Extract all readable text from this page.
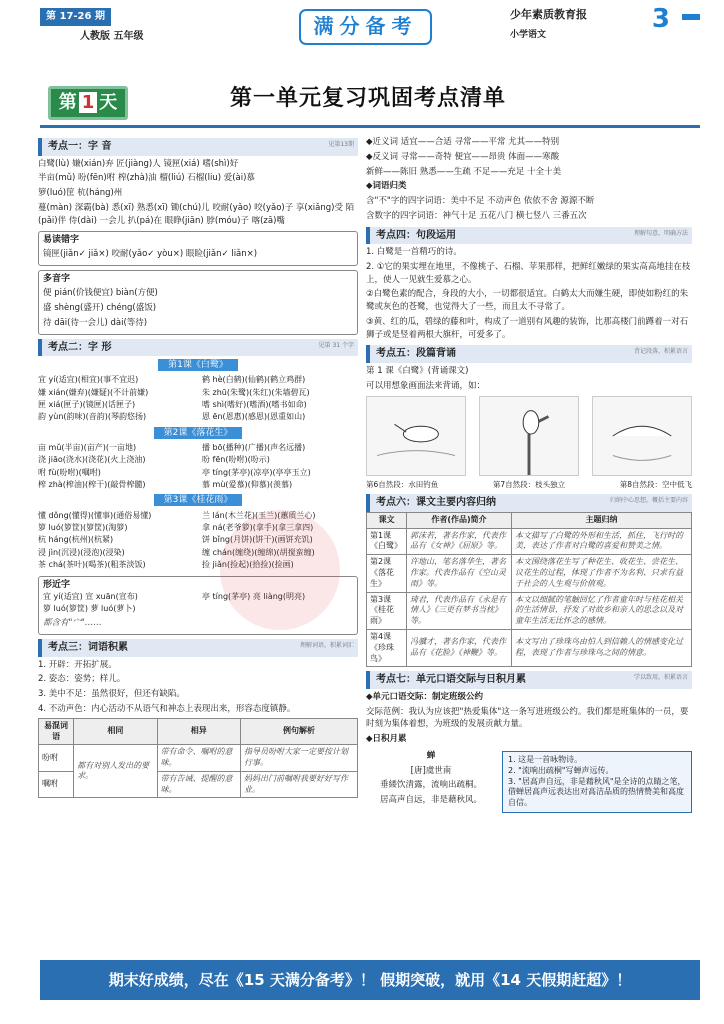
第 17-26 期
人教版 五年级	满分备考	少年素质教育报
小学语文
3
第 1 天	第一单元复习巩固考点清单
考点一：字 音	见第13期
白鹭(lù) 嫌(xián)弃 匠(jiàng)人 镜匣(xiá) 嗜(shì)好
半亩(mǔ) 吩(fēn)咐 榨(zhà)油 榴(liú) 石榴(liu) 爱(ài)慕
箩(luó)筐 杭(háng)州
蔓(màn) 深霸(bà) 悉(xī) 熟悉(xī) 锄(chú)儿 咬耐(yǎo) 咬(yǎo)子 享(xiǎng)受 陌(pǎi)伴 侍(dài) 一会儿 扒(pá)在 眼睁(jiān) 脖(móu)子 喀(zā)嘴
易读错字
镜匣(jiǎn✓ jiǎ×) 咬耐(yǎo✓ yòu×) 眼睑(jiǎn✓ liǎn×)
多音字
便 pián(价钱便宜) biàn(方便)
盛 shèng(盛开) chéng(盛饭)
待 dāi(待一会儿) dài(等待)
考点二：字 形	见第 31 个字
第1课《白鹭》
宜 yí(适宜)(相宜)(事不宜迟)	鹤 hè(白鹤)(仙鹤)(鹤立鸡群)
嫌 xián(嫌弃)(嫌疑)(不计前嫌)	朱 zhū(朱鹭)(朱红)(朱墙碧瓦)
匣 xiá(匣子)(镜匣)(话匣子)	嗜 shì(嗜好)(嗜酒)(嗜书如命)
韵 yùn(韵味)(音韵)(琴韵悠扬)	恩 ēn(恩惠)(感恩)(恩重如山)
第2课《落花生》
亩 mǔ(半亩)(亩产)(一亩地)	播 bō(播种)(广播)(声名远播)
浇 jiāo(浇水)(浇花)(火上浇油)	吩 fēn(吩咐)(吩示)
咐 fù(吩咐)(嘱咐)	亭 tíng(茅亭)(凉亭)(亭亭玉立)
榨 zhà(榨油)(榨干)(敲骨榨髓)	慕 mù(爱慕)(仰慕)(羡慕)
第3课《桂花雨》
懂 dǒng(懂得)(懂事)(通俗易懂)	兰 lán(木兰花)(玉兰)(蕙质兰心)
箩 luó(箩筐)(箩筐)(淘箩)	拿 ná(老爷箩)(拿手)(拿三拿四)
杭 háng(杭州)(杭紧)	饼 bǐng(月饼)(饼干)(画饼充饥)
浸 jìn(沉浸)(浸泡)(浸染)	缠 chán(缠绕)(缠绵)(胡搅蛮缠)
茶 chá(茶叶)(喝茶)(粗茶淡饭)	捡 jiǎn(捡起)(拾捡)(捡画)
形近字
宜 yí(适宜) 宣 xuān(宣布)	亭 tíng(茅亭) 亮 liàng(明亮)
箩 luó(箩筐) 萝 luó(萝卜)
都含有"宀"……
考点三：词语积累	理解词语，积累词汇
1. 开辟：开拓扩展。
2. 姿态：姿势；样儿。
3. 美中不足：虽然很好，但还有缺陷。
4. 不动声色：内心活动不从语气和神态上表现出来，形容态度镇静。
易混词语	相同	相异	例句解析
吩咐	都有对别人发出的要求。	带有命令、嘱咐的意味。	指导员吩咐大家一定要按计划行事。
嘱咐		带有告诫、提醒的意味。	妈妈出门前嘱咐我要好好写作业。
◆近义词 适宜——合适 寻常——平常 尤其——特别
◆反义词 寻常——奇特 便宜——昂贵 体面——寒酸
新鲜——陈旧 熟悉——生疏 不足——充足 十全十美
◆词语归类
含"不"字的四字词语：美中不足 不动声色 依依不舍 源源不断
含数字的四字词语：神气十足 五花八门 横七竖八 三番五次
考点四：句段运用	理解句意，明确方法
1. 白鹭是一首精巧的诗。
2. ①它的果实埋在地里，不像桃子、石榴、苹果那样，把鲜红嫩绿的果实高高地挂在枝上，使人一见就生爱慕之心。
②白鹭色素的配合，身段的大小，一切都很适宜。白鹤太大而嫌生硬，即使如粉红的朱鹭或灰色的苍鹭，也觉得大了一些，而且太不寻常了。
③黄、红的瓜，碧绿的藤和叶，构成了一道别有风趣的装饰，比那高楼门前蹲着一对石狮子或是竖着两根大旗杆，可爱多了。
考点五：段篇背诵	背记段落，积累语言
第 1 课《白鹭》(背诵课文)
可以用想象画面法来背诵，如：
第6自然段：水田钓鱼	第7自然段：枝头独立	第8自然段：空中低飞
考点六：课文主要内容归纳	归纳中心思想，概括主要内容
课文	作者(作品)简介	主题归纳
第1课《白鹭》	郭沫若，著名作家，代表作品有《女神》《屈原》等。	本文描写了白鹭的外形和生活，抓住，飞行时的美，表达了作者对白鹭的喜爱和赞美之情。
第2课《落花生》	许地山，笔名落华生，著名作家。代表作品有《空山灵雨》等。	本文围绕落花生写了种花生、收花生、尝花生、议花生的过程，体现了作者不为名利、只求有益于社会的人生观与价值观。
第3课《桂花雨》	琦君，代表作品有《永是有情人》《三更有梦书当枕》等。	本文以细腻的笔触回忆了作者童年时与桂花相关的生活情景，抒发了对故乡和亲人的思念以及对童年生活无比怀念的感情。
第4课《珍珠鸟》	冯骥才，著名作家，代表作品有《花脸》《神鞭》等。	本文写出了珍珠鸟由怕人到信赖人的情感变化过程，表现了作者与珍珠鸟之间的情意。
考点七：单元口语交际与日积月累	学以致用，积累语言
◆单元口语交际：制定班级公约
交际范例：我认为应该把"热爱集体"这一条写进班级公约。我们都是班集体的一员，要时刻为集体着想，为班级的发展贡献力量。
◆日积月累
蝉
[唐]虞世南
垂緌饮清露，流响出疏桐。
居高声自远，非是藉秋风。
1. 这是一首咏物诗。
2. "流响出疏桐"写蝉声远传。
3. "居高声自远，非是藉秋风"是全诗的点睛之笔，借蝉居高声远表达出对高洁品质的热情赞美和高度自信。
期末好成绩，尽在《15 天满分备考》！ 假期突破，就用《14 天假期赶超》！
